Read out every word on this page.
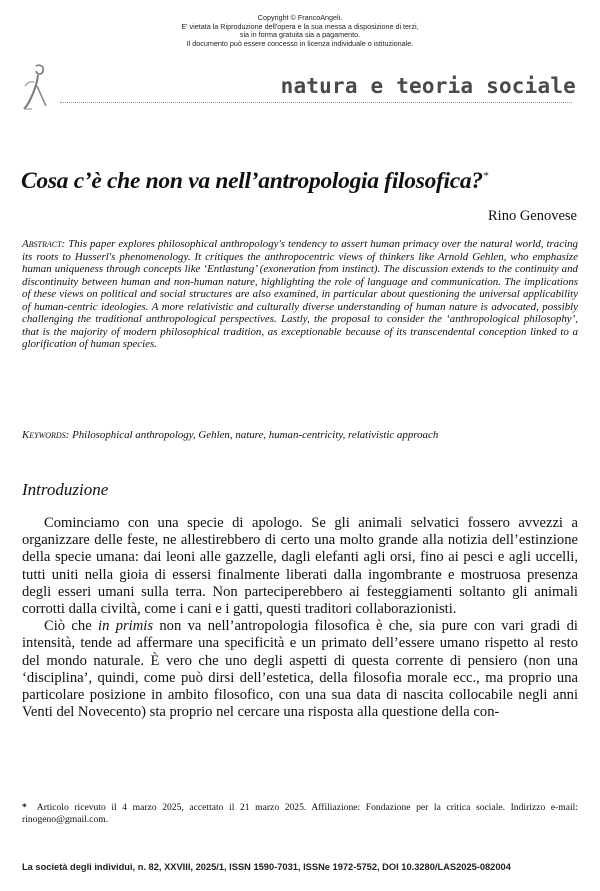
Copyright © FrancoAngeli.
E' vietata la Riproduzione dell'opera e la sua messa a disposizione di terzi,
sia in forma gratuita sia a pagamento.
Il documento può essere concesso in licenza individuale o istituzionale.
natura e teoria sociale
Cosa c’è che non va nell’antropologia filosofica?*
Rino Genovese
Abstract: This paper explores philosophical anthropology's tendency to assert human primacy over the natural world, tracing its roots to Husserl's phenomenology. It critiques the anthropocentric views of thinkers like Arnold Gehlen, who emphasize human uniqueness through concepts like ‘Entlastung’ (exoneration from instinct). The discussion extends to the continuity and discontinuity between human and non-human nature, highlighting the role of language and communication. The implications of these views on political and social structures are also examined, in particular about questioning the universal applicability of human-centric ideologies. A more relativistic and culturally diverse understanding of human nature is advocated, possibly challenging the traditional anthropological perspectives. Lastly, the proposal to consider the ‘anthropological philosophy’, that is the majority of modern philosophical tradition, as exceptionable because of its transcendental conception linked to a glorification of human species.
Keywords: Philosophical anthropology, Gehlen, nature, human-centricity, relativistic approach
Introduzione

Cominciamo con una specie di apologo. Se gli animali selvatici fossero avvezzi a organizzare delle feste, ne allestirebbero di certo una molto grande alla notizia dell’estinzione della specie umana: dai leoni alle gazzelle, dagli elefanti agli orsi, fino ai pesci e agli uccelli, tutti uniti nella gioia di essersi finalmente liberati dalla ingombrante e mostruosa presenza degli esseri umani sulla terra. Non parteciperebbero ai festeggiamenti soltanto gli animali corrotti dalla civiltà, come i cani e i gatti, questi traditori collaborazionisti.

Ciò che in primis non va nell’antropologia filosofica è che, sia pure con vari gradi di intensità, tende ad affermare una specificità e un primato dell’essere umano rispetto al resto del mondo naturale. È vero che uno degli aspetti di questa corrente di pensiero (non una ‘disciplina’, quindi, come può dirsi dell’estetica, della filosofia morale ecc., ma proprio una particolare posizione in ambito filosofico, con una sua data di nascita collocabile negli anni Venti del Novecento) sta proprio nel cercare una risposta alla questione della con-

* Articolo ricevuto il 4 marzo 2025, accettato il 21 marzo 2025. Affiliazione: Fondazione per la critica sociale. Indirizzo e-mail: rinogeno@gmail.com.
La società degli individui, n. 82, XXVIII, 2025/1, ISSN 1590-7031, ISSNe 1972-5752, DOI 10.3280/LAS2025-082004
